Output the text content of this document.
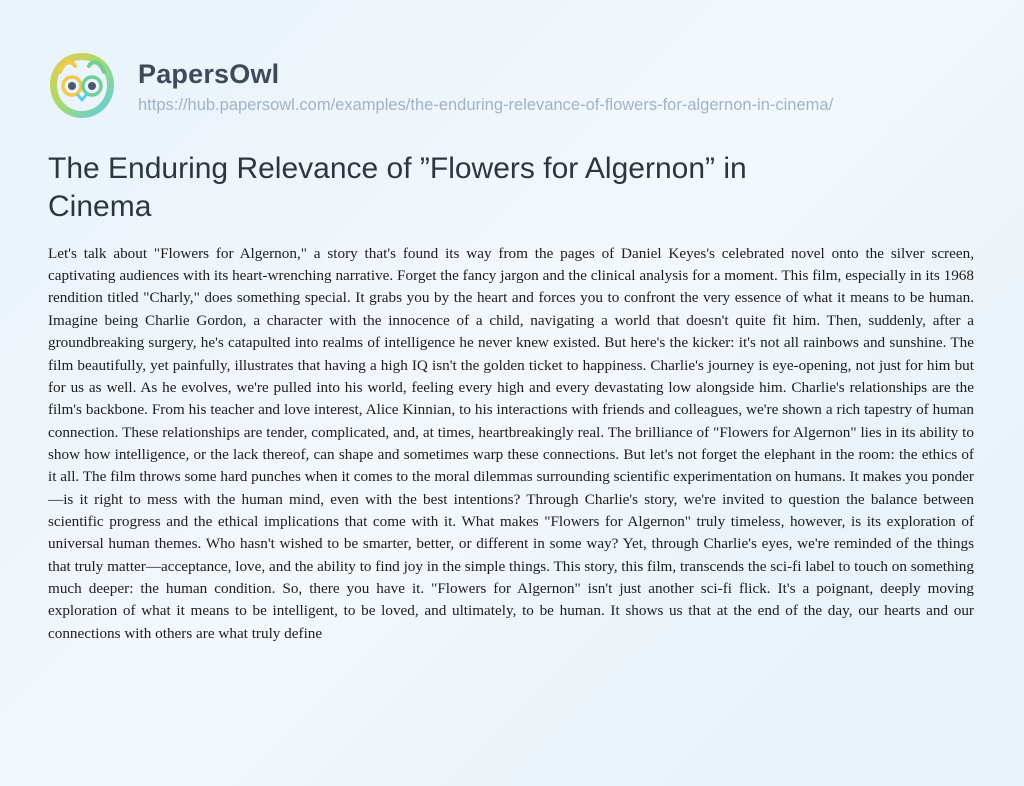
PapersOwl
https://hub.papersowl.com/examples/the-enduring-relevance-of-flowers-for-algernon-in-cinema/
The Enduring Relevance of ”Flowers for Algernon” in Cinema
Let's talk about "Flowers for Algernon," a story that's found its way from the pages of Daniel Keyes's celebrated novel onto the silver screen, captivating audiences with its heart-wrenching narrative. Forget the fancy jargon and the clinical analysis for a moment. This film, especially in its 1968 rendition titled "Charly," does something special. It grabs you by the heart and forces you to confront the very essence of what it means to be human. Imagine being Charlie Gordon, a character with the innocence of a child, navigating a world that doesn't quite fit him. Then, suddenly, after a groundbreaking surgery, he's catapulted into realms of intelligence he never knew existed. But here's the kicker: it's not all rainbows and sunshine. The film beautifully, yet painfully, illustrates that having a high IQ isn't the golden ticket to happiness. Charlie's journey is eye-opening, not just for him but for us as well. As he evolves, we're pulled into his world, feeling every high and every devastating low alongside him. Charlie's relationships are the film's backbone. From his teacher and love interest, Alice Kinnian, to his interactions with friends and colleagues, we're shown a rich tapestry of human connection. These relationships are tender, complicated, and, at times, heartbreakingly real. The brilliance of "Flowers for Algernon" lies in its ability to show how intelligence, or the lack thereof, can shape and sometimes warp these connections. But let's not forget the elephant in the room: the ethics of it all. The film throws some hard punches when it comes to the moral dilemmas surrounding scientific experimentation on humans. It makes you ponder—is it right to mess with the human mind, even with the best intentions? Through Charlie's story, we're invited to question the balance between scientific progress and the ethical implications that come with it. What makes "Flowers for Algernon" truly timeless, however, is its exploration of universal human themes. Who hasn't wished to be smarter, better, or different in some way? Yet, through Charlie's eyes, we're reminded of the things that truly matter—acceptance, love, and the ability to find joy in the simple things. This story, this film, transcends the sci-fi label to touch on something much deeper: the human condition. So, there you have it. "Flowers for Algernon" isn't just another sci-fi flick. It's a poignant, deeply moving exploration of what it means to be intelligent, to be loved, and ultimately, to be human. It shows us that at the end of the day, our hearts and our connections with others are what truly define
